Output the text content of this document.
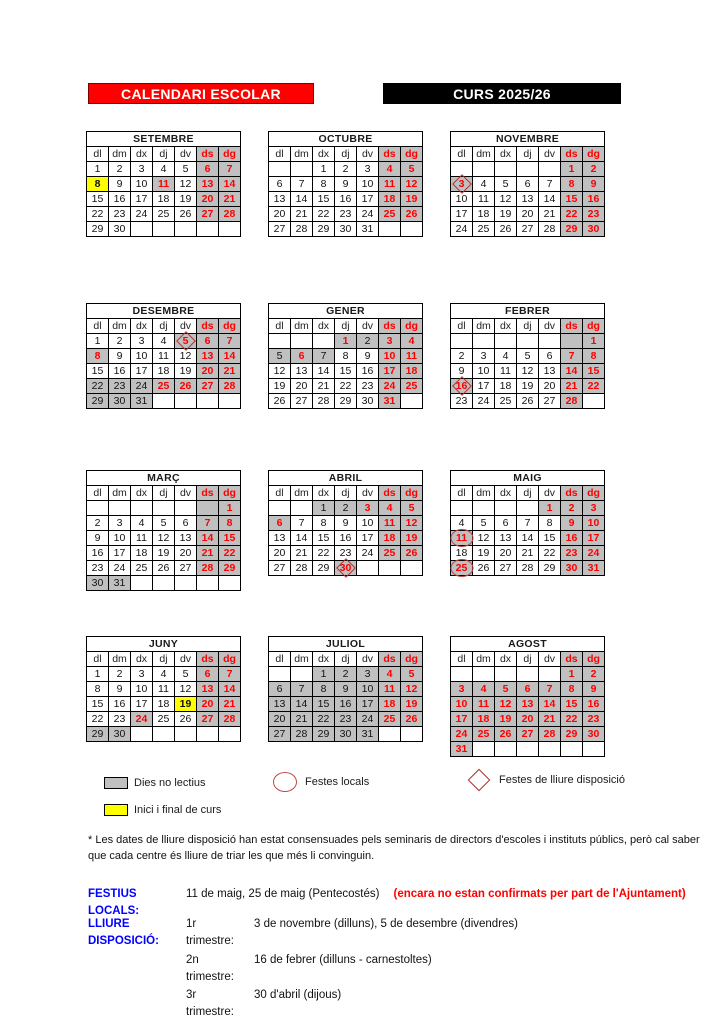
CALENDARI ESCOLAR	CURS 2025/26
SETEMBRE						
dl	dm	dx	dj	dv	ds	dg
1	2	3	4	5	6	7
8	9	10	11	12	13	14
15	16	17	18	19	20	21
22	23	24	25	26	27	28
29	30					
OCTUBRE						
dl	dm	dx	dj	dv	ds	dg
		1	2	3	4	5
6	7	8	9	10	11	12
13	14	15	16	17	18	19
20	21	22	23	24	25	26
27	28	29	30	31		
NOVEMBRE						
dl	dm	dx	dj	dv	ds	dg
					1	2
3	4	5	6	7	8	9
10	11	12	13	14	15	16
17	18	19	20	21	22	23
24	25	26	27	28	29	30
DESEMBRE						
dl	dm	dx	dj	dv	ds	dg
1	2	3	4	5	6	7
8	9	10	11	12	13	14
15	16	17	18	19	20	21
22	23	24	25	26	27	28
29	30	31				
GENER						
dl	dm	dx	dj	dv	ds	dg
			1	2	3	4
5	6	7	8	9	10	11
12	13	14	15	16	17	18
19	20	21	22	23	24	25
26	27	28	29	30	31	
FEBRER						
dl	dm	dx	dj	dv	ds	dg
						1
2	3	4	5	6	7	8
9	10	11	12	13	14	15
16	17	18	19	20	21	22
23	24	25	26	27	28	
MARÇ						
dl	dm	dx	dj	dv	ds	dg
						1
2	3	4	5	6	7	8
9	10	11	12	13	14	15
16	17	18	19	20	21	22
23	24	25	26	27	28	29
30	31					
ABRIL						
dl	dm	dx	dj	dv	ds	dg
		1	2	3	4	5
6	7	8	9	10	11	12
13	14	15	16	17	18	19
20	21	22	23	24	25	26
27	28	29	30

MAIG						
dl	dm	dx	dj	dv	ds	dg
				1	2	3
4	5	6	7	8	9	10
11	12	13	14	15	16	17
18	19	20	21	22	23	24
25	26	27	28	29	30	31
JUNY						
dl	dm	dx	dj	dv	ds	dg
1	2	3	4	5	6	7
8	9	10	11	12	13	14
15	16	17	18	19	20	21
22	23	24	25	26	27	28
29	30					
JULIOL						
dl	dm	dx	dj	dv	ds	dg
		1	2	3	4	5
6	7	8	9	10	11	12
13	14	15	16	17	18	19
20	21	22	23	24	25	26
27	28	29	30	31		
AGOST						
dl	dm	dx	dj	dv	ds	dg
					1	2
3	4	5	6	7	8	9
10	11	12	13	14	15	16
17	18	19	20	21	22	23
24	25	26	27	28	29	30
31						
Dies no lectius
Inici i final de curs
Festes locals	Festes de lliure disposició

* Les dates de lliure disposició han estat consensuades pels seminaris de directors d'escoles i instituts públics, però cal saber que cada centre és lliure de triar les que més li convinguin.

FESTIUS LOCALS:
11 de maig, 25 de maig (Pentecostés) (encara no estan confirmats per part de l'Ajuntament)
LLIURE DISPOSICIÓ:
1r trimestre:
3 de novembre (dilluns), 5 de desembre (divendres)
2n trimestre:
16 de febrer (dilluns - carnestoltes)
3r trimestre:
30 d'abril (dijous)
